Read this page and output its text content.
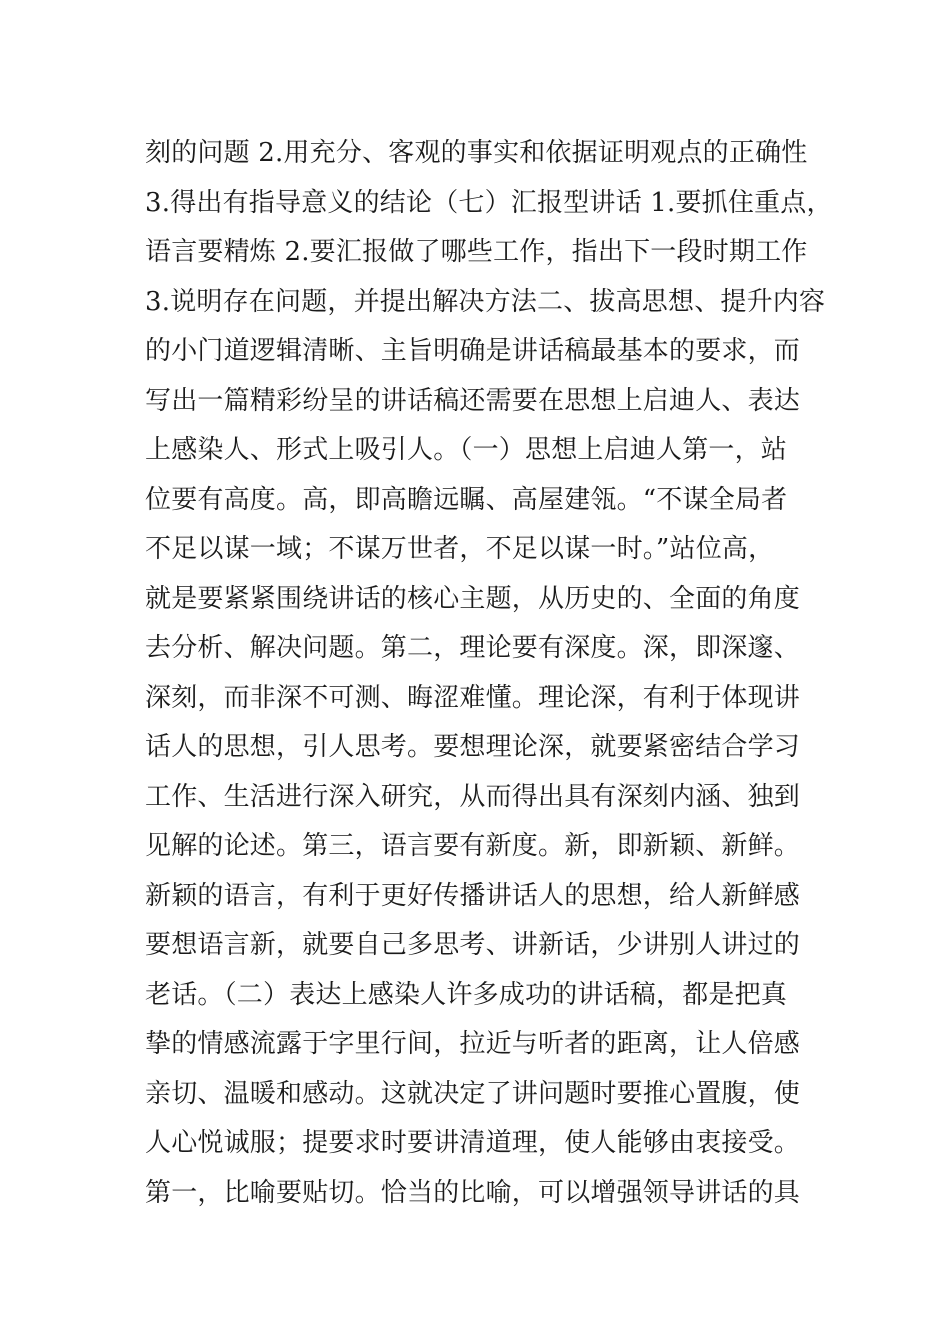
刻的问题 2.用充分、客观的事实和依据证明观点的正确性
3.得出有指导意义的结论（七）汇报型讲话 1.要抓住重点，
语言要精炼 2.要汇报做了哪些工作，指出下一段时期工作
3.说明存在问题，并提出解决方法二、拔高思想、提升内容
的小门道逻辑清晰、主旨明确是讲话稿最基本的要求，而
写出一篇精彩纷呈的讲话稿还需要在思想上启迪人、表达
上感染人、形式上吸引人。（一）思想上启迪人第一，站
位要有高度。高，即高瞻远瞩、高屋建瓴。“不谋全局者
不足以谋一域；不谋万世者，不足以谋一时。”站位高，
就是要紧紧围绕讲话的核心主题，从历史的、全面的角度
去分析、解决问题。第二，理论要有深度。深，即深邃、
深刻，而非深不可测、晦涩难懂。理论深，有利于体现讲
话人的思想，引人思考。要想理论深，就要紧密结合学习
工作、生活进行深入研究，从而得出具有深刻内涵、独到
见解的论述。第三，语言要有新度。新，即新颖、新鲜。
新颖的语言，有利于更好传播讲话人的思想，给人新鲜感
要想语言新，就要自己多思考、讲新话，少讲别人讲过的
老话。（二）表达上感染人许多成功的讲话稿，都是把真
挚的情感流露于字里行间，拉近与听者的距离，让人倍感
亲切、温暖和感动。这就决定了讲问题时要推心置腹，使
人心悦诚服；提要求时要讲清道理，使人能够由衷接受。
第一，比喻要贴切。恰当的比喻，可以增强领导讲话的具
